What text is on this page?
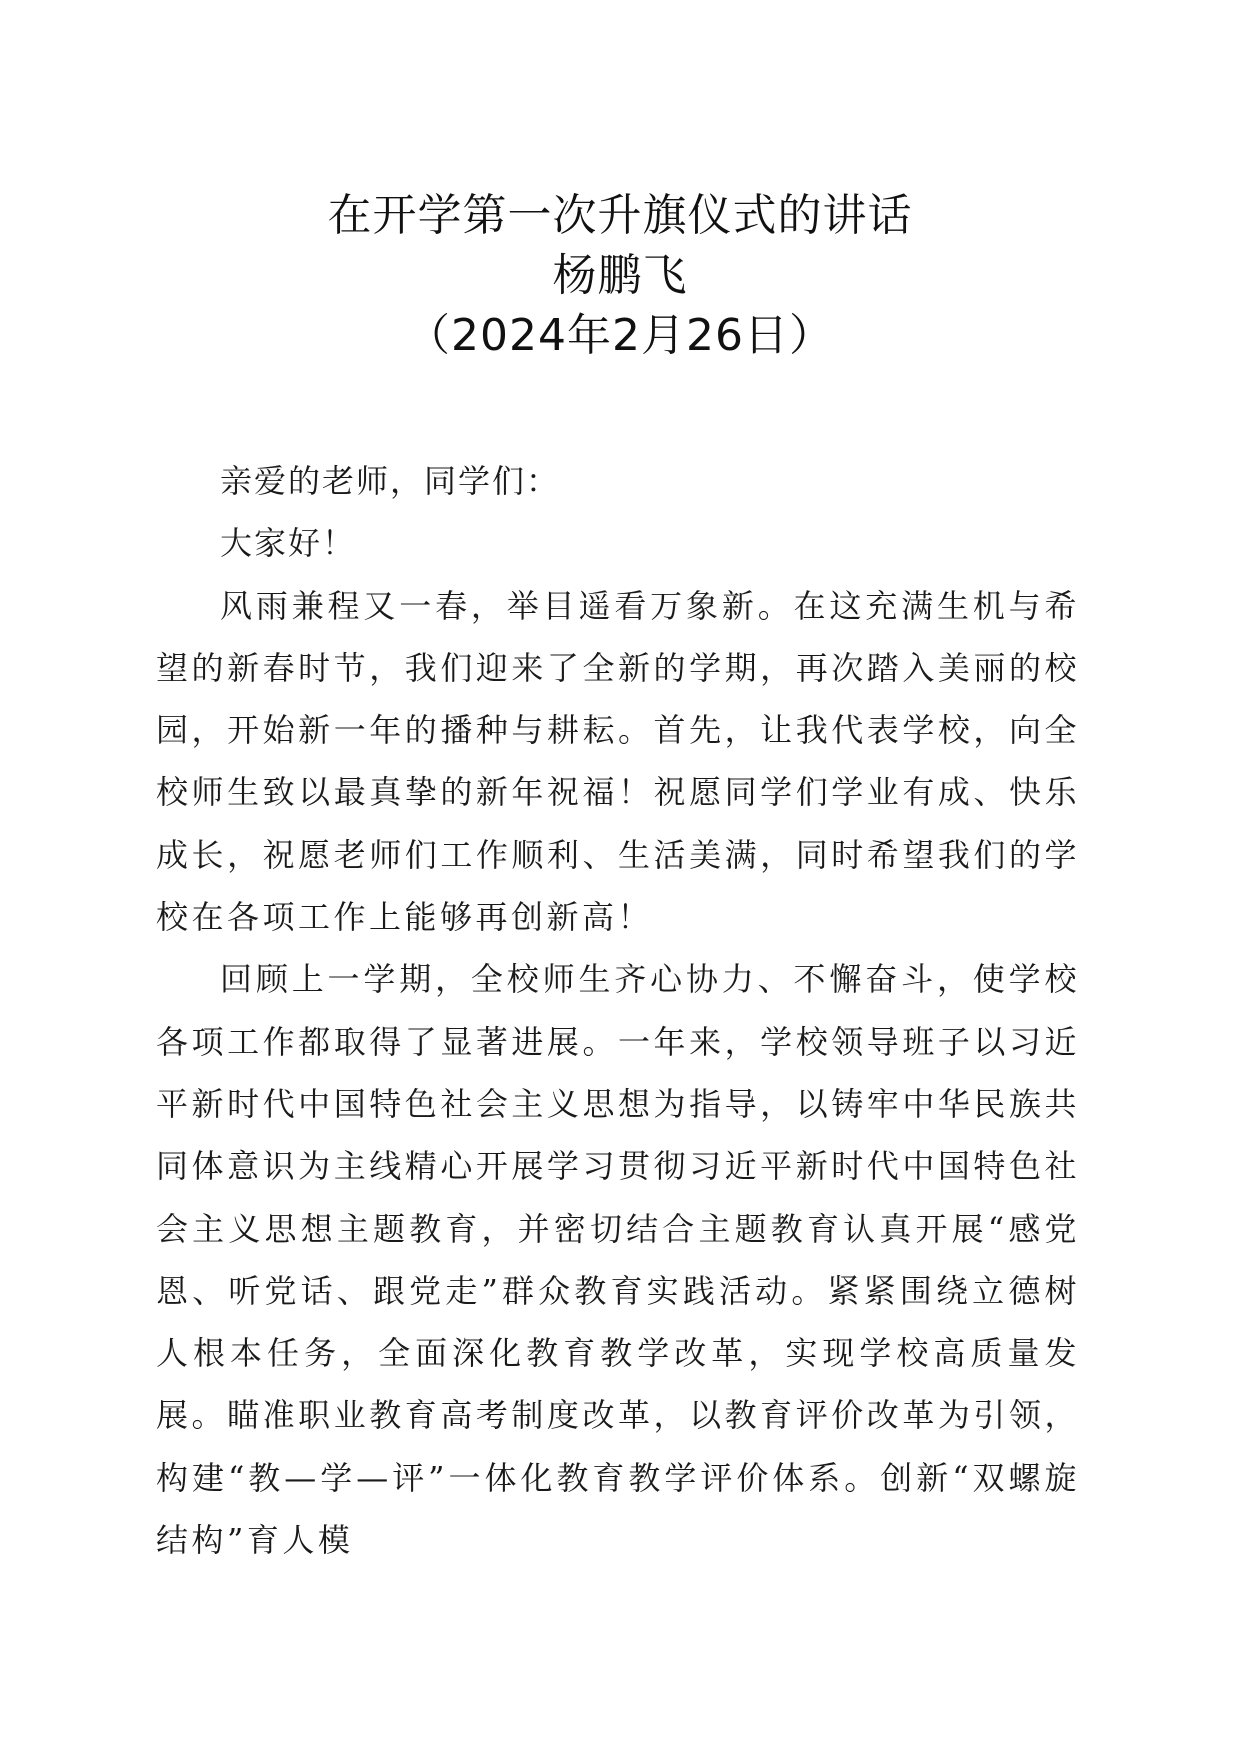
在开学第一次升旗仪式的讲话
杨鹏飞
（2024年2月26日）

亲爱的老师，同学们：

大家好！

风雨兼程又一春，举目遥看万象新。在这充满生机与希望的新春时节，我们迎来了全新的学期，再次踏入美丽的校园，开始新一年的播种与耕耘。首先，让我代表学校，向全校师生致以最真挚的新年祝福！祝愿同学们学业有成、快乐成长，祝愿老师们工作顺利、生活美满，同时希望我们的学校在各项工作上能够再创新高！

回顾上一学期，全校师生齐心协力、不懈奋斗，使学校各项工作都取得了显著进展。一年来，学校领导班子以习近平新时代中国特色社会主义思想为指导，以铸牢中华民族共同体意识为主线精心开展学习贯彻习近平新时代中国特色社会主义思想主题教育，并密切结合主题教育认真开展“感党恩、听党话、跟党走”群众教育实践活动。紧紧围绕立德树人根本任务，全面深化教育教学改革，实现学校高质量发展。瞄准职业教育高考制度改革，以教育评价改革为引领，构建“教—学—评”一体化教育教学评价体系。创新“双螺旋结构”育人模
